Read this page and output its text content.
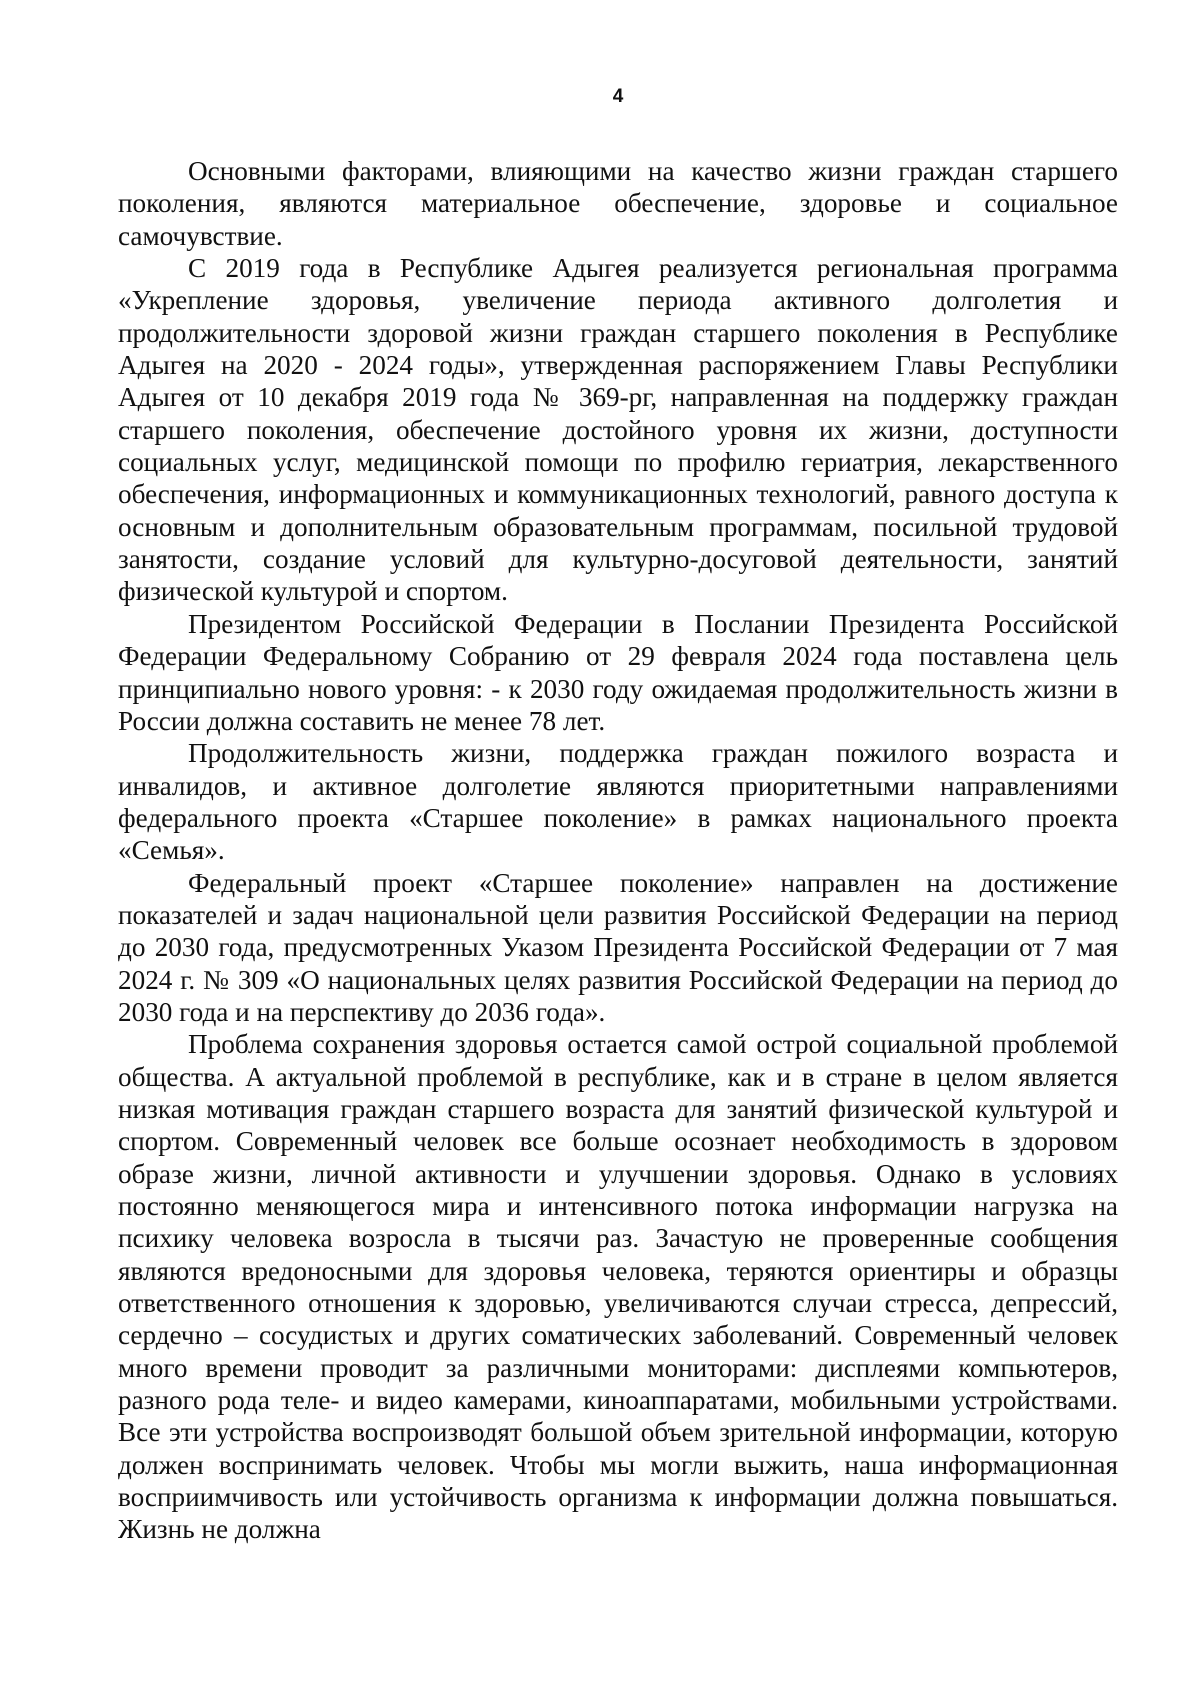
4

Основными факторами, влияющими на качество жизни граждан старшего поколения, являются материальное обеспечение, здоровье и социальное самочувствие.

С 2019 года в Республике Адыгея реализуется региональная программа «Укрепление здоровья, увеличение периода активного долголетия и продолжительности здоровой жизни граждан старшего поколения в Республике Адыгея на 2020 - 2024 годы», утвержденная распоряжением Главы Республики Адыгея от 10 декабря 2019 года № 369-рг, направленная на поддержку граждан старшего поколения, обеспечение достойного уровня их жизни, доступности социальных услуг, медицинской помощи по профилю гериатрия, лекарственного обеспечения, информационных и коммуникационных технологий, равного доступа к основным и дополнительным образовательным программам, посильной трудовой занятости, создание условий для культурно-досуговой деятельности, занятий физической культурой и спортом.

Президентом Российской Федерации в Послании Президента Российской Федерации Федеральному Собранию от 29 февраля 2024 года поставлена цель принципиально нового уровня: - к 2030 году ожидаемая продолжительность жизни в России должна составить не менее 78 лет.

Продолжительность жизни, поддержка граждан пожилого возраста и инвалидов, и активное долголетие являются приоритетными направлениями федерального проекта «Старшее поколение» в рамках национального проекта «Семья».

Федеральный проект «Старшее поколение» направлен на достижение показателей и задач национальной цели развития Российской Федерации на период до 2030 года, предусмотренных Указом Президента Российской Федерации от 7 мая 2024 г. № 309 «О национальных целях развития Российской Федерации на период до 2030 года и на перспективу до 2036 года».

Проблема сохранения здоровья остается самой острой социальной проблемой общества. А актуальной проблемой в республике, как и в стране в целом является низкая мотивация граждан старшего возраста для занятий физической культурой и спортом. Современный человек все больше осознает необходимость в здоровом образе жизни, личной активности и улучшении здоровья. Однако в условиях постоянно меняющегося мира и интенсивного потока информации нагрузка на психику человека возросла в тысячи раз. Зачастую не проверенные сообщения являются вредоносными для здоровья человека, теряются ориентиры и образцы ответственного отношения к здоровью, увеличиваются случаи стресса, депрессий, сердечно – сосудистых и других соматических заболеваний. Современный человек много времени проводит за различными мониторами: дисплеями компьютеров, разного рода теле- и видео камерами, киноаппаратами, мобильными устройствами. Все эти устройства воспроизводят большой объем зрительной информации, которую должен воспринимать человек. Чтобы мы могли выжить, наша информационная восприимчивость или устойчивость организма к информации должна повышаться. Жизнь не должна
